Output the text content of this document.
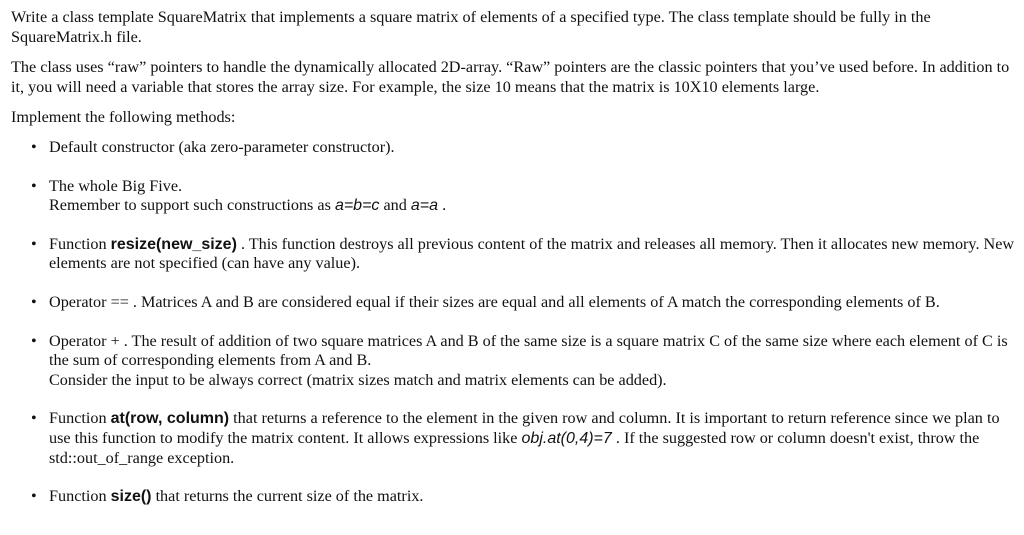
Write a class template SquareMatrix that implements a square matrix of elements of a specified type. The class template should be fully in the SquareMatrix.h file.

The class uses “raw” pointers to handle the dynamically allocated 2D-array. “Raw” pointers are the classic pointers that you’ve used before. In addition to it, you will need a variable that stores the array size. For example, the size 10 means that the matrix is 10X10 elements large.

Implement the following methods:

• Default constructor (aka zero-parameter constructor).
• The whole Big Five.
Remember to support such constructions as a=b=c and a=a .
• Function resize(new_size) . This function destroys all previous content of the matrix and releases all memory. Then it allocates new memory. New elements are not specified (can have any value).
• Operator == . Matrices A and B are considered equal if their sizes are equal and all elements of A match the corresponding elements of B.
• Operator + . The result of addition of two square matrices A and B of the same size is a square matrix C of the same size where each element of C is the sum of corresponding elements from A and B.
Consider the input to be always correct (matrix sizes match and matrix elements can be added).
• Function at(row, column) that returns a reference to the element in the given row and column. It is important to return reference since we plan to use this function to modify the matrix content. It allows expressions like obj.at(0,4)=7 . If the suggested row or column doesn't exist, throw the std::out_of_range exception.
• Function size() that returns the current size of the matrix.
